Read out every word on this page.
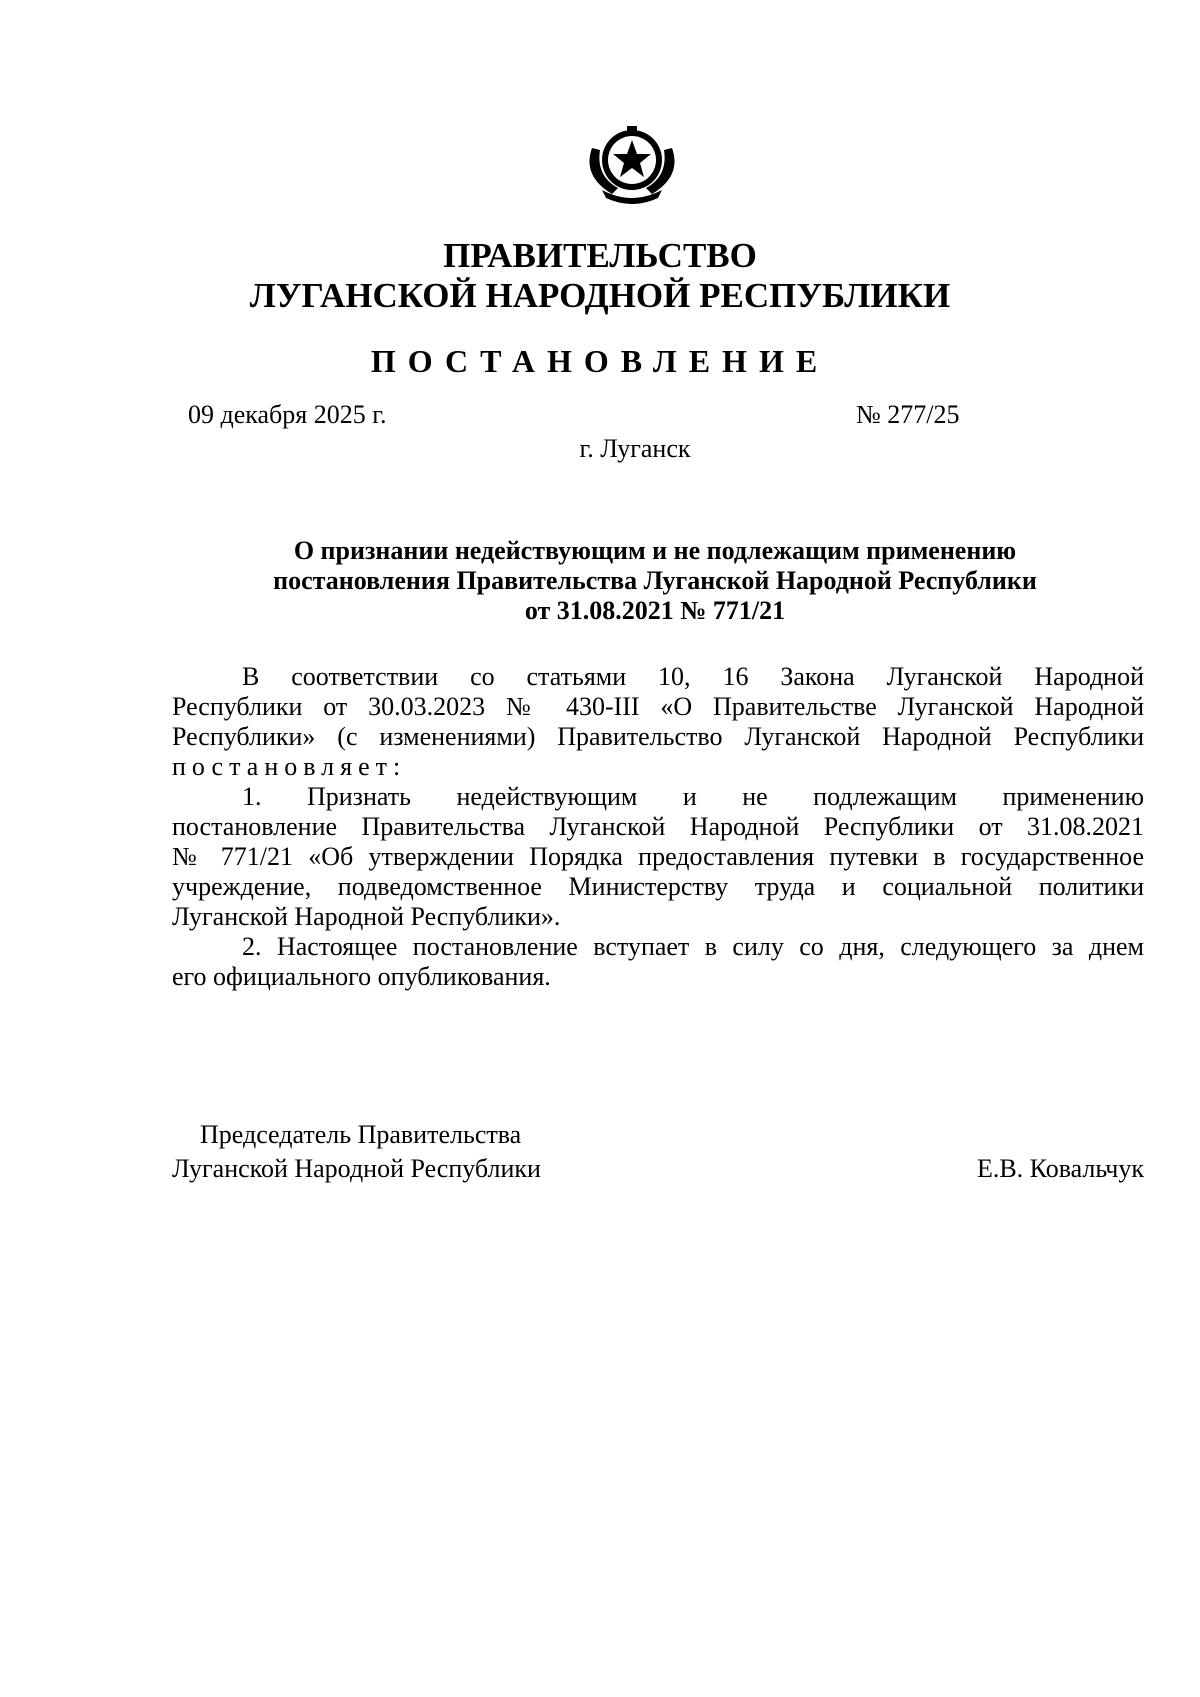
ПРАВИТЕЛЬСТВО
ЛУГАНСКОЙ НАРОДНОЙ РЕСПУБЛИКИ
ПОСТАНОВЛЕНИЕ
09 декабря 2025 г.	№ 277/25
г. Луганск
О признании недействующим и не подлежащим применению
постановления Правительства Луганской Народной Республики
от 31.08.2021 № 771/21
В соответствии со статьями 10, 16 Закона Луганской Народной
Республики от 30.03.2023 № 430-III «О Правительстве Луганской Народной
Республики» (с изменениями) Правительство Луганской Народной Республики
постановляет:
1. Признать недействующим и не подлежащим применению
постановление Правительства Луганской Народной Республики от 31.08.2021
№ 771/21 «Об утверждении Порядка предоставления путевки в государственное
учреждение, подведомственное Министерству труда и социальной политики
Луганской Народной Республики».
2. Настоящее постановление вступает в силу со дня, следующего за днем
его официального опубликования.
Председатель Правительства
Луганской Народной Республики	Е.В. Ковальчук
